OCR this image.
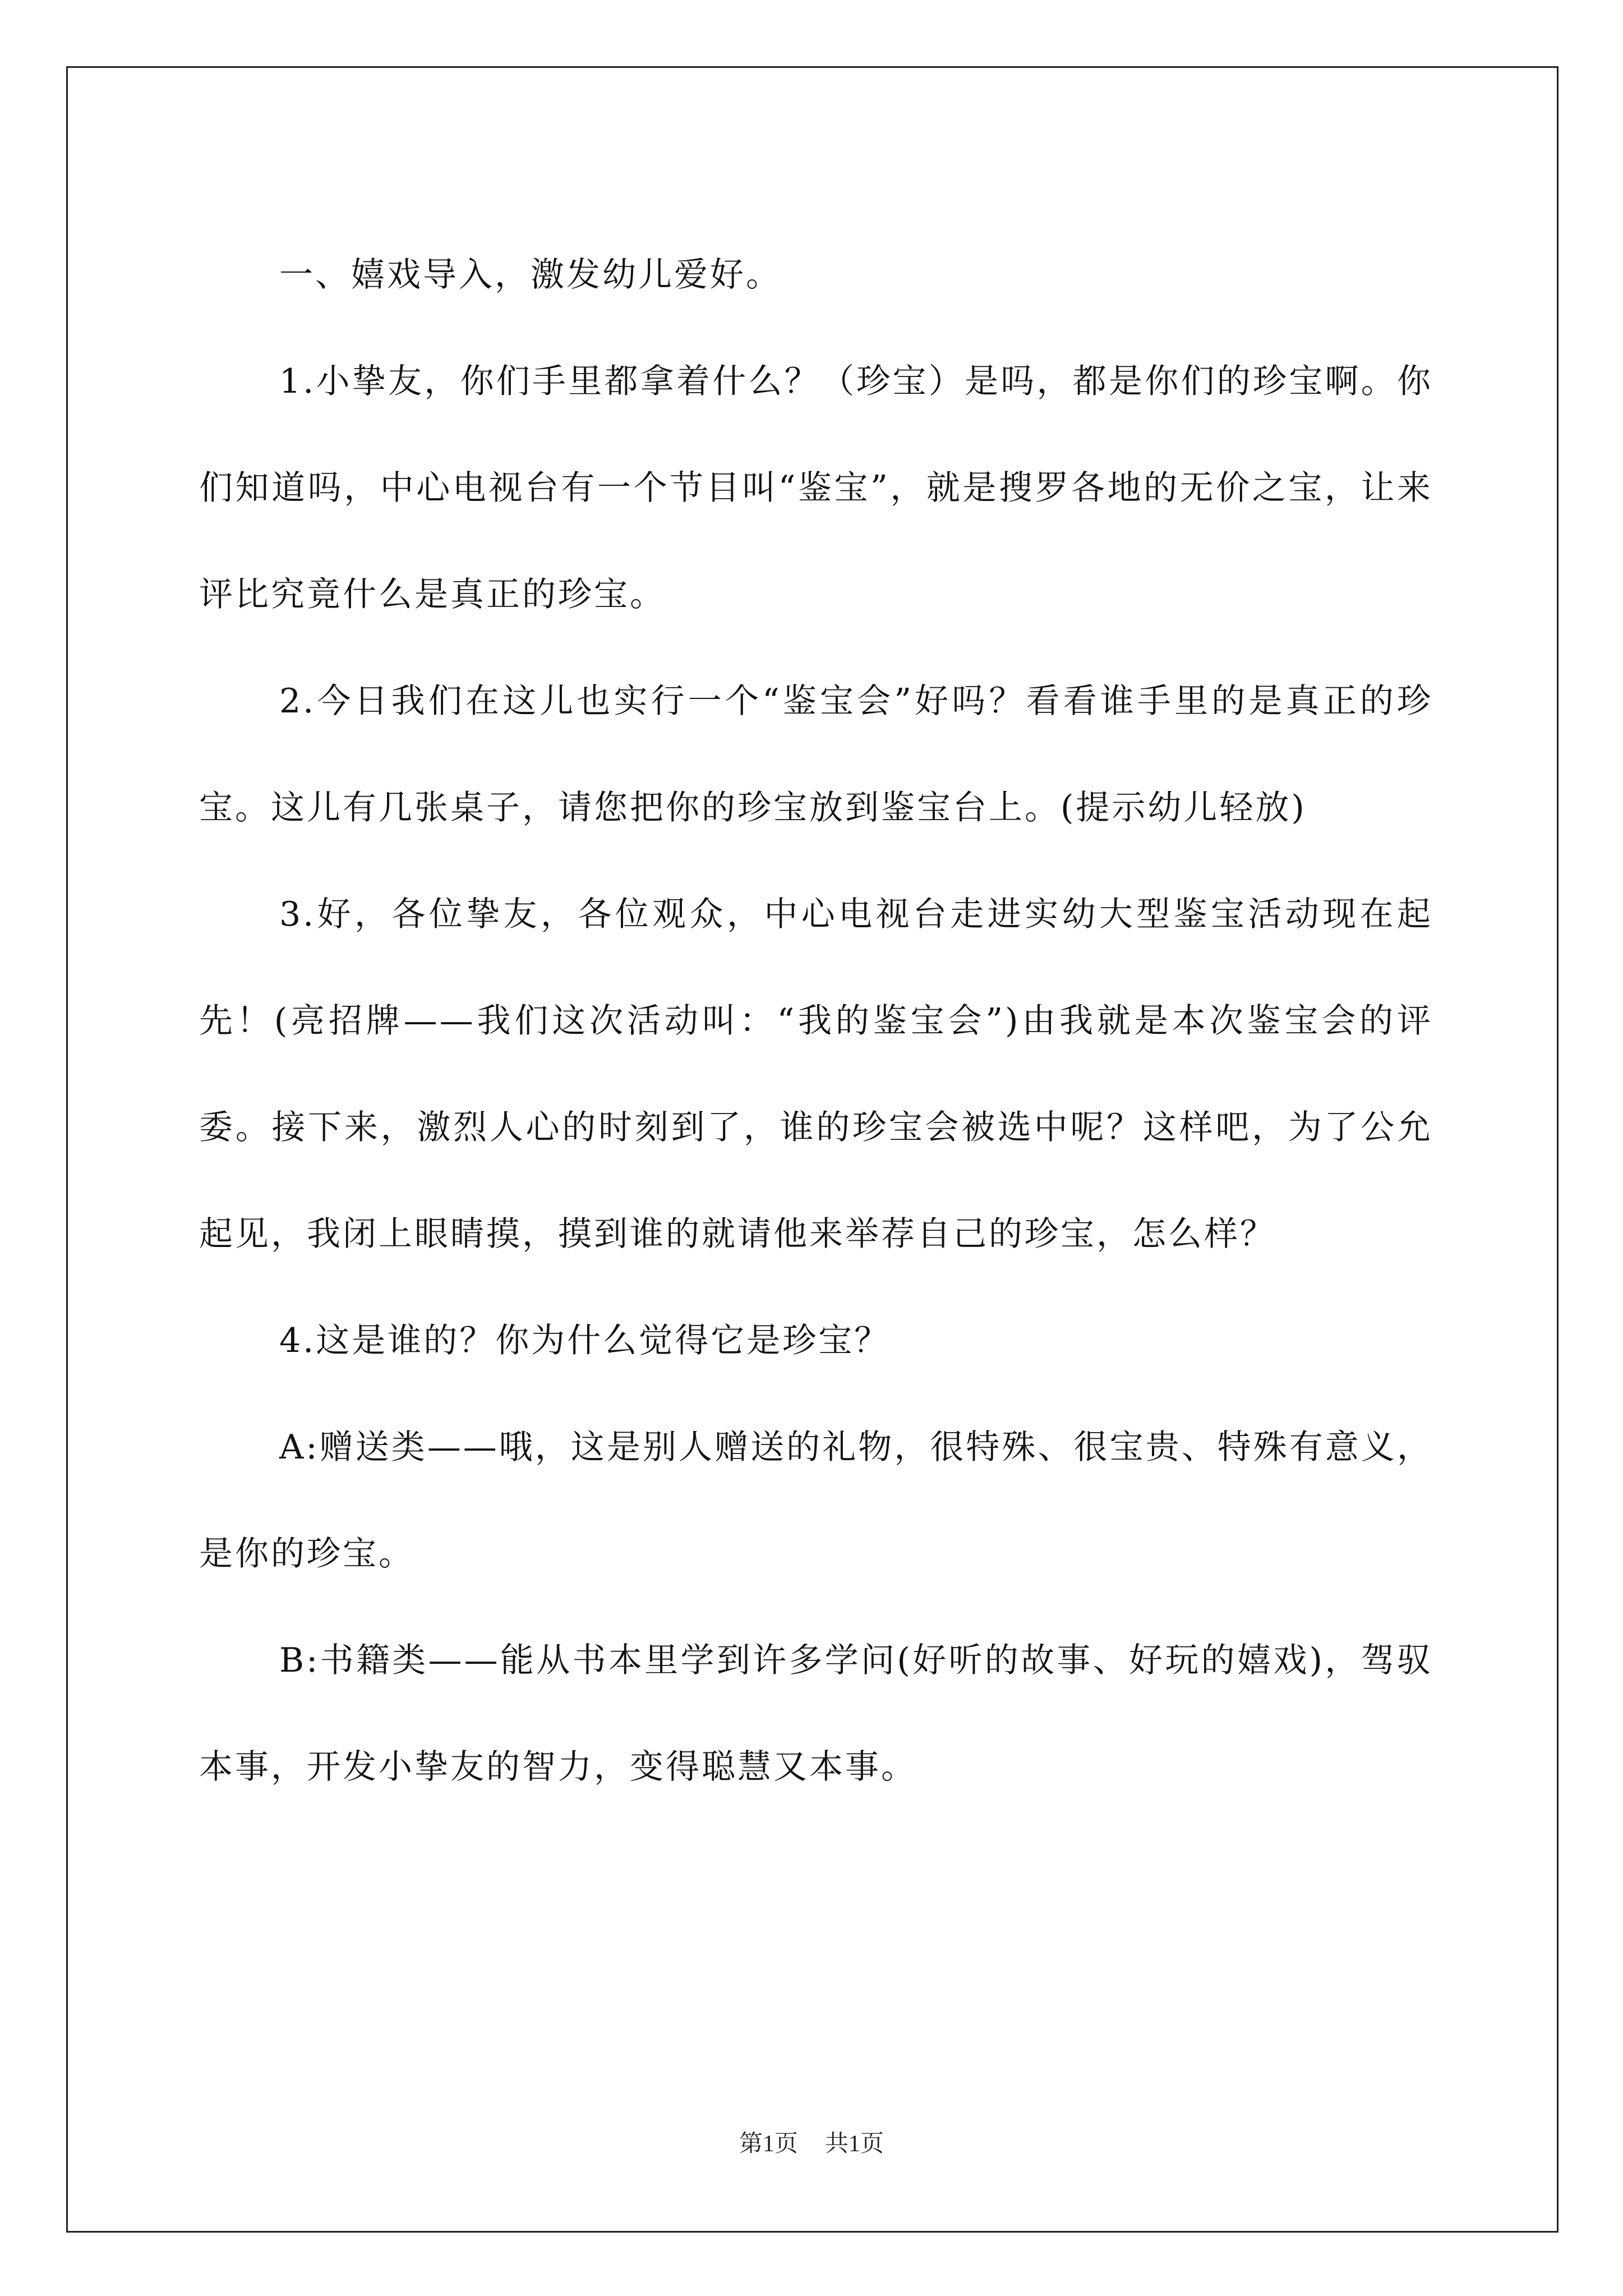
一、嬉戏导入，激发幼儿爱好。

1.小挚友，你们手里都拿着什么？（珍宝）是吗，都是你们的珍宝啊。你们知道吗，中心电视台有一个节目叫“鉴宝”，就是搜罗各地的无价之宝，让来评比究竟什么是真正的珍宝。

2.今日我们在这儿也实行一个“鉴宝会”好吗？看看谁手里的是真正的珍宝。这儿有几张桌子，请您把你的珍宝放到鉴宝台上。(提示幼儿轻放)

3.好，各位挚友，各位观众，中心电视台走进实幼大型鉴宝活动现在起先！(亮招牌——我们这次活动叫：“我的鉴宝会”)由我就是本次鉴宝会的评委。接下来，激烈人心的时刻到了，谁的珍宝会被选中呢？这样吧，为了公允起见，我闭上眼睛摸，摸到谁的就请他来举荐自己的珍宝，怎么样？

4.这是谁的？你为什么觉得它是珍宝？

A:赠送类——哦，这是别人赠送的礼物，很特殊、很宝贵、特殊有意义，是你的珍宝。

B:书籍类——能从书本里学到许多学问(好听的故事、好玩的嬉戏)，驾驭本事，开发小挚友的智力，变得聪慧又本事。

第1页 共1页
